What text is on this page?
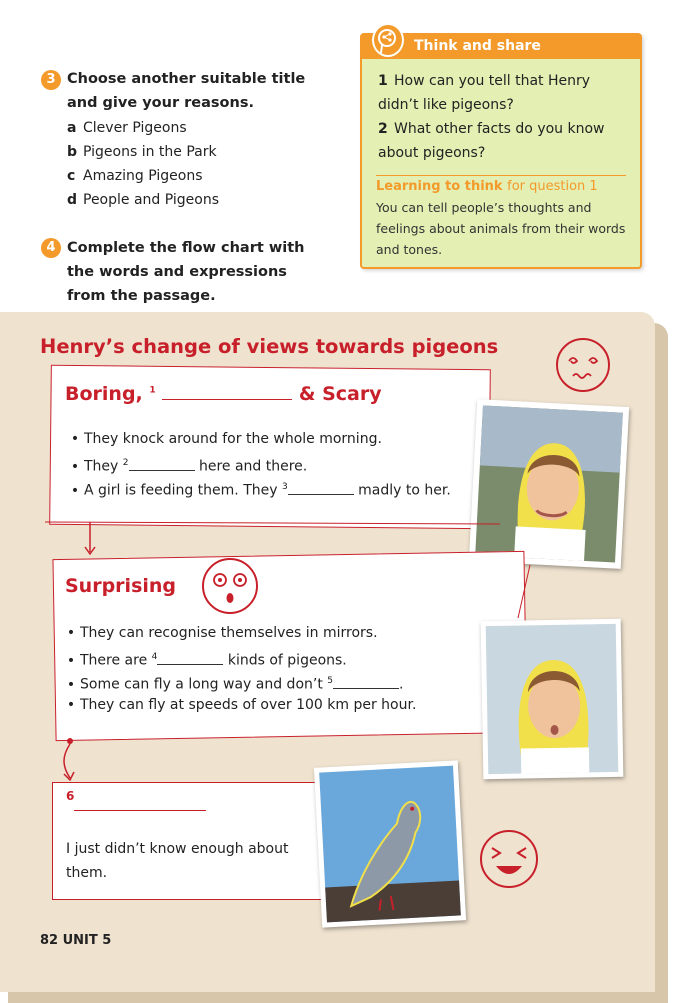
3 Choose another suitable title and give your reasons.
a Clever Pigeons
b Pigeons in the Park
c Amazing Pigeons
d People and Pigeons
4 Complete the flow chart with the words and expressions from the passage.
Think and share
1 How can you tell that Henry didn’t like pigeons?
2 What other facts do you know about pigeons?
Learning to think for question 1
You can tell people’s thoughts and feelings about animals from their words and tones.
Henry’s change of views towards pigeons
Boring, $^1$	& Scary
• They knock around for the whole morning.
• They $^2$	here and there.
• A girl is feeding them. They $^3$	madly to her.
Surprising
• They can recognise themselves in mirrors.
• There are $^4$	kinds of pigeons.
• Some can fly a long way and don’t $^5$	.
• They can fly at speeds of over 100 km per hour.
6
I just didn’t know enough about them.
82 UNIT 5
